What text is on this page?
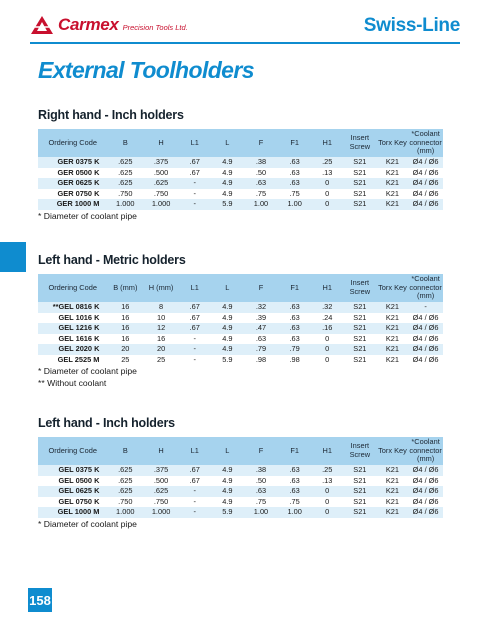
Carmex Precision Tools Ltd.	Swiss-Line
External Toolholders
Right hand - Inch holders
Ordering Code	B	H	L1	L	F	F1	H1	Insert Screw	Torx Key	*Coolant connector (mm)
GER 0375 K	.625	.375	.67	4.9	.38	.63	.25	S21	K21	Ø4 / Ø6
GER 0500 K	.625	.500	.67	4.9	.50	.63	.13	S21	K21	Ø4 / Ø6
GER 0625 K	.625	.625	-	4.9	.63	.63	0	S21	K21	Ø4 / Ø6
GER 0750 K	.750	.750	-	4.9	.75	.75	0	S21	K21	Ø4 / Ø6
GER 1000 M	1.000	1.000	-	5.9	1.00	1.00	0	S21	K21	Ø4 / Ø6
* Diameter of coolant pipe
Left hand - Metric holders
Ordering Code	B (mm)	H (mm)	L1	L	F	F1	H1	Insert Screw	Torx Key	*Coolant connector (mm)
**GEL 0816 K	16	8	.67	4.9	.32	.63	.32	S21	K21	-
GEL 1016 K	16	10	.67	4.9	.39	.63	.24	S21	K21	Ø4 / Ø6
GEL 1216 K	16	12	.67	4.9	.47	.63	.16	S21	K21	Ø4 / Ø6
GEL 1616 K	16	16	-	4.9	.63	.63	0	S21	K21	Ø4 / Ø6
GEL 2020 K	20	20	-	4.9	.79	.79	0	S21	K21	Ø4 / Ø6
GEL 2525 M	25	25	-	5.9	.98	.98	0	S21	K21	Ø4 / Ø6
* Diameter of coolant pipe
** Without coolant
Left hand - Inch holders
Ordering Code	B	H	L1	L	F	F1	H1	Insert Screw	Torx Key	*Coolant connector (mm)
GEL 0375 K	.625	.375	.67	4.9	.38	.63	.25	S21	K21	Ø4 / Ø6
GEL 0500 K	.625	.500	.67	4.9	.50	.63	.13	S21	K21	Ø4 / Ø6
GEL 0625 K	.625	.625	-	4.9	.63	.63	0	S21	K21	Ø4 / Ø6
GEL 0750 K	.750	.750	-	4.9	.75	.75	0	S21	K21	Ø4 / Ø6
GEL 1000 M	1.000	1.000	-	5.9	1.00	1.00	0	S21	K21	Ø4 / Ø6
* Diameter of coolant pipe
158
